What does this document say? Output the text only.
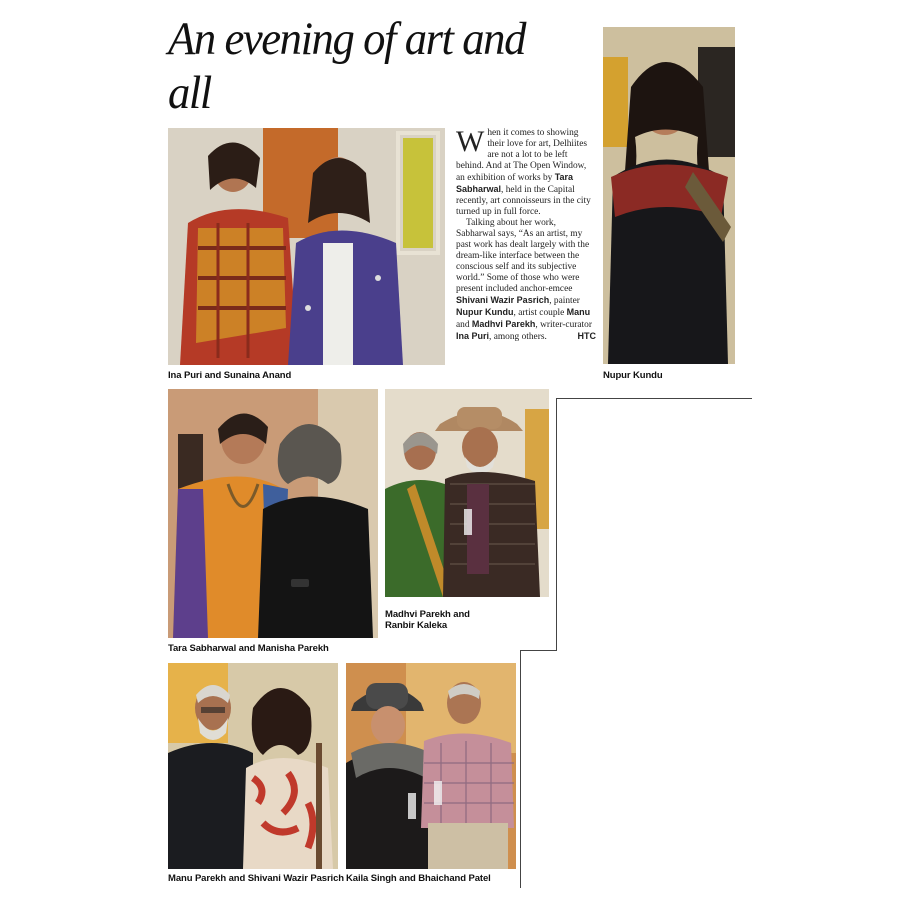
An evening of art and all
Ina Puri and Sunaina Anand

When it comes to showing their love for art, Delhiites are not a lot to be left behind. And at The Open Window, an exhibition of works by Tara Sabharwal, held in the Capital recently, art connoisseurs in the city turned up in full force.

Talking about her work, Sabharwal says, “As an artist, my past work has dealt largely with the dream-like interface between the conscious self and its subjective world.” Some of those who were present included anchor-emcee Shivani Wazir Pasrich, painter Nupur Kundu, artist couple Manu and Madhvi Parekh, writer-curator Ina Puri, among others.	HTC

Nupur Kundu
Tara Sabharwal and Manisha Parekh
Madhvi Parekh and Ranbir Kaleka
Manu Parekh and Shivani Wazir Pasrich Kaila Singh and Bhaichand Patel
